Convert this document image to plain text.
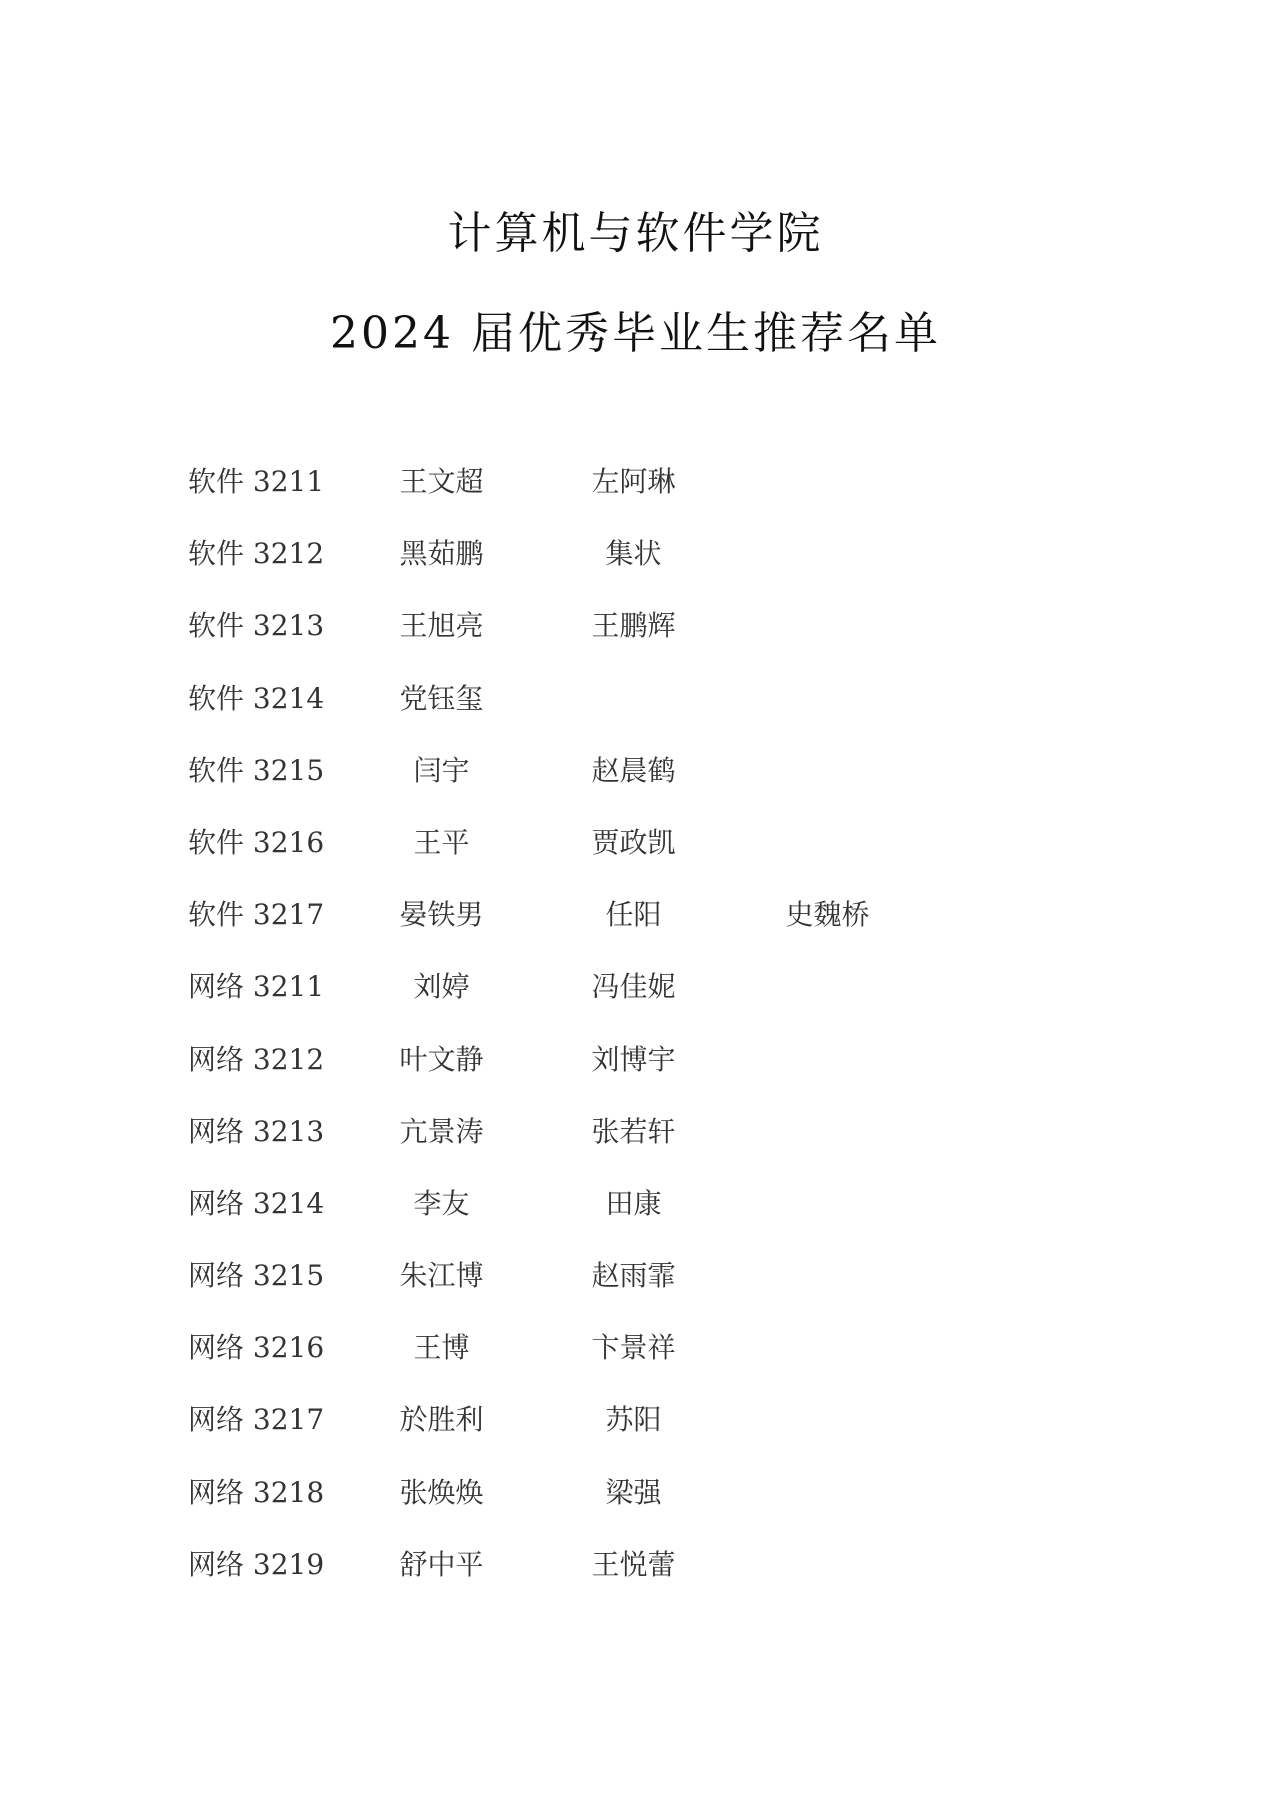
计算机与软件学院
2024 届优秀毕业生推荐名单
软件 3211	王文超	左阿琳
软件 3212	黑茹鹏	集状
软件 3213	王旭亮	王鹏辉
软件 3214	党钰玺
软件 3215	闫宇	赵晨鹤
软件 3216	王平	贾政凯
软件 3217	晏铁男	任阳	史魏桥
网络 3211	刘婷	冯佳妮
网络 3212	叶文静	刘博宇
网络 3213	亢景涛	张若轩
网络 3214	李友	田康
网络 3215	朱江博	赵雨霏
网络 3216	王博	卞景祥
网络 3217	於胜利	苏阳
网络 3218	张焕焕	梁强
网络 3219	舒中平	王悦蕾
